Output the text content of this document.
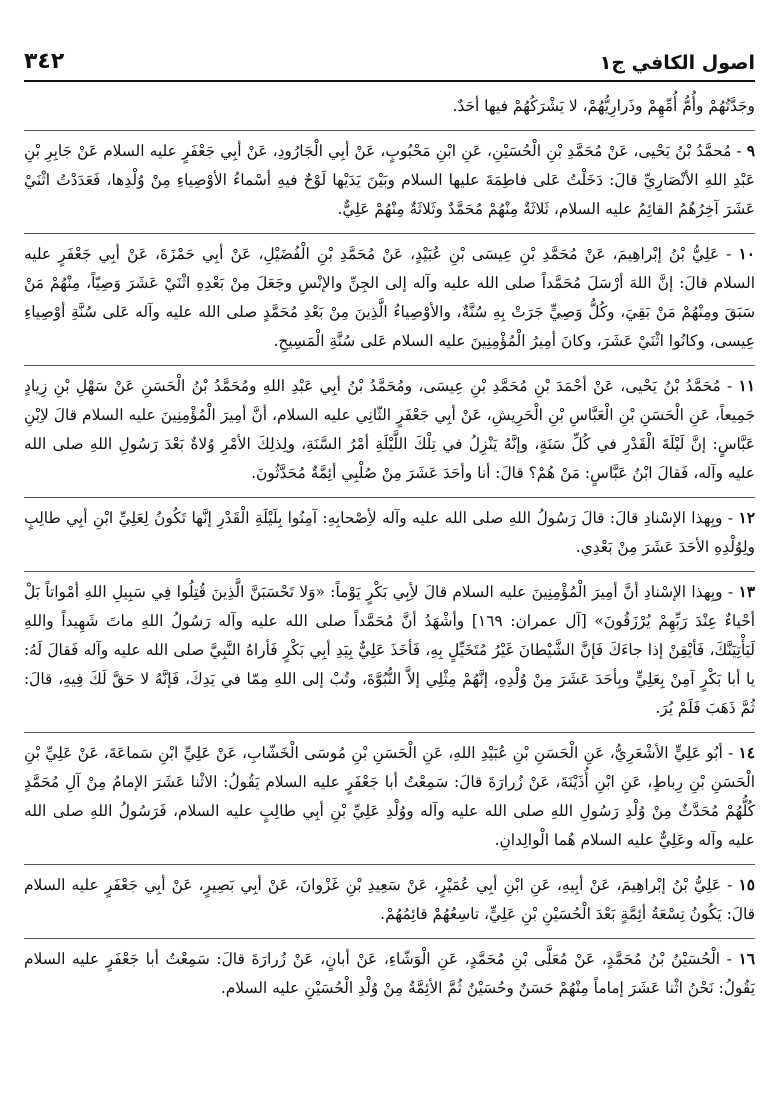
٣٤٢	اصول الكافي ج١

وجَدَّتُهُمْ وأُمُّ أُمِّهِمْ وذَرارِيُّهُمْ، لا يَشْرَكُهُمْ فيها أحَدٌ.

٩ - مُحمَّدُ بْنُ يَحْيى، عَنْ مُحَمَّدِ بْنِ الْحُسَيْنِ، عَنِ ابْنِ مَحْبُوبٍ، عَنْ أبِي الْجَارُودِ، عَنْ أبِي جَعْفَرٍ عليه السلام عَنْ جَابِرِ بْنِ عَبْدِ اللهِ الأنْصَارِيِّ قالَ: دَخَلْتُ عَلى فاطِمَةَ عليها السلام وبَيْنَ يَدَيْها لَوْحٌ فيهِ أسْماءُ الأوْصِياءِ مِنْ وُلْدِها، فَعَدَدْتُ اثْنَيْ عَشَرَ آخِرُهُمُ القائِمُ عليه السلام، ثَلاثَةٌ مِنْهُمْ مُحَمَّدٌ وثَلاثَةٌ مِنْهُمْ عَلِيٌّ.

١٠ - عَلِيُّ بْنُ إبْراهِيمَ، عَنْ مُحَمَّدِ بْنِ عِيسَى بْنِ عُبَيْدٍ، عَنْ مُحَمَّدِ بْنِ الْفُضَيْلِ، عَنْ أبِي حَمْزَةَ، عَنْ أبِي جَعْفَرٍ عليه السلام قالَ: إنَّ اللهَ أرْسَلَ مُحَمَّداً صلى الله عليه وآله إلى الجِنِّ والإنْسِ وجَعَلَ مِنْ بَعْدِهِ اثْنَيْ عَشَرَ وَصِيّاً، مِنْهُمْ مَنْ سَبَقَ ومِنْهُمْ مَنْ بَقِيَ، وكُلُّ وَصِيٍّ جَرَتْ بِهِ سُنَّةٌ، والأوْصِياءُ الَّذِينَ مِنْ بَعْدِ مُحَمَّدٍ صلى الله عليه وآله عَلى سُنَّةِ أوْصِياءِ عِيسى، وكانُوا اثْنَيْ عَشَرَ، وكانَ أمِيرُ الْمُؤْمِنِينَ عليه السلام عَلى سُنَّةِ الْمَسِيحِ.

١١ - مُحَمَّدُ بْنُ يَحْيى، عَنْ أحْمَدَ بْنِ مُحَمَّدِ بْنِ عِيسَى، ومُحَمَّدُ بْنُ أبِي عَبْدِ اللهِ ومُحَمَّدُ بْنُ الْحَسَنِ عَنْ سَهْلِ بْنِ زِيادٍ جَمِيعاً، عَنِ الْحَسَنِ بْنِ الْعَبَّاسِ بْنِ الْحَرِيشِ، عَنْ أبِي جَعْفَرٍ الثّانِي عليه السلام، أنَّ أمِيرَ الْمُؤْمِنِينَ عليه السلام قالَ لاِبْنِ عَبَّاسٍ: إنَّ لَيْلَةَ الْقَدْرِ في كُلِّ سَنَةٍ، وإنَّهُ يَنْزِلُ في تِلْكَ اللَّيْلَةِ أمْرُ السَّنَةِ، ولِذلِكَ الأمْرِ وُلاةٌ بَعْدَ رَسُولِ اللهِ صلى الله عليه وآله، فَقالَ ابْنُ عَبَّاسٍ: مَنْ هُمْ؟ قالَ: أنا وأحَدَ عَشَرَ مِنْ صُلْبِي أئِمَّةٌ مُحَدَّثُونَ.

١٢ - وبِهذا الإسْنادِ قالَ: قالَ رَسُولُ اللهِ صلى الله عليه وآله لأِصْحابِهِ: آمِنُوا بِلَيْلَةِ الْقَدْرِ إنَّها تَكُونُ لِعَلِيِّ ابْنِ أبِي طالِبٍ ولِوُلْدِهِ الأحَدَ عَشَرَ مِنْ بَعْدِي.

١٣ - وبِهذا الإسْنادِ أنَّ أمِيرَ الْمُؤْمِنِينَ عليه السلام قالَ لأِبِي بَكْرٍ يَوْماً: «وَلا تَحْسَبَنَّ الَّذِينَ قُتِلُوا فِي سَبِيلِ اللهِ أمْواتاً بَلْ أحْياءٌ عِنْدَ رَبِّهِمْ يُرْزَقُونَ» [آل عمران: ١٦٩] وأشْهَدُ أنَّ مُحَمَّداً صلى الله عليه وآله رَسُولُ اللهِ ماتَ شَهِيداً واللهِ لَيَأْتِيَنَّكَ، فَأيْقِنْ إذا جاءَكَ فَإنَّ الشَّيْطانَ غَيْرُ مُتَخَيِّلٍ بِهِ، فَأخَذَ عَلِيٌّ بِيَدِ أبِي بَكْرٍ فَأراهُ النَّبِيَّ صلى الله عليه وآله فَقالَ لَهُ: يا أبا بَكْرٍ آمِنْ بِعَلِيٍّ وبِأحَدَ عَشَرَ مِنْ وُلْدِهِ، إنَّهُمْ مِثْلِي إلاَّ النُّبُوَّةَ، وتُبْ إلى اللهِ مِمّا في يَدِكَ، فَإنَّهُ لا حَقَّ لَكَ فِيهِ، قالَ: ثُمَّ ذَهَبَ فَلَمْ يُرَ.

١٤ - أبُو عَلِيٍّ الأشْعَرِيُّ، عَنِ الْحَسَنِ بْنِ عُبَيْدِ اللهِ، عَنِ الْحَسَنِ بْنِ مُوسَى الْخَشّابِ، عَنْ عَلِيِّ ابْنِ سَماعَةَ، عَنْ عَلِيِّ بْنِ الْحَسَنِ بْنِ رِباطٍ، عَنِ ابْنِ أُذَيْنَةَ، عَنْ زُرارَةَ قالَ: سَمِعْتُ أبا جَعْفَرٍ عليه السلام يَقُولُ: الاثْنا عَشَرَ الإمامُ مِنْ آلِ مُحَمَّدٍ كُلُّهُمْ مُحَدَّثٌ مِنْ وُلْدِ رَسُولِ اللهِ صلى الله عليه وآله ووُلْدِ عَلِيِّ بْنِ أبِي طالِبٍ عليه السلام، فَرَسُولُ اللهِ صلى الله عليه وآله وعَلِيٌّ عليه السلام هُما الْوالِدانِ.

١٥ - عَلِيُّ بْنُ إبْراهِيمَ، عَنْ أبِيهِ، عَنِ ابْنِ أبِي عُمَيْرٍ، عَنْ سَعِيدِ بْنِ غَزْوانَ، عَنْ أبِي بَصِيرٍ، عَنْ أبِي جَعْفَرٍ عليه السلام قالَ: يَكُونُ تِسْعَةُ أئِمَّةٍ بَعْدَ الْحُسَيْنِ بْنِ عَلِيٍّ، تاسِعُهُمْ قائِمُهُمْ.

١٦ - الْحُسَيْنُ بْنُ مُحَمَّدٍ، عَنْ مُعَلَّى بْنِ مُحَمَّدٍ، عَنِ الْوَشّاءِ، عَنْ أبانٍ، عَنْ زُرارَةَ قالَ: سَمِعْتُ أبا جَعْفَرٍ عليه السلام يَقُولُ: نَحْنُ اثْنا عَشَرَ إماماً مِنْهُمْ حَسَنٌ وحُسَيْنٌ ثُمَّ الأئِمَّةُ مِنْ وُلْدِ الْحُسَيْنِ عليه السلام.
